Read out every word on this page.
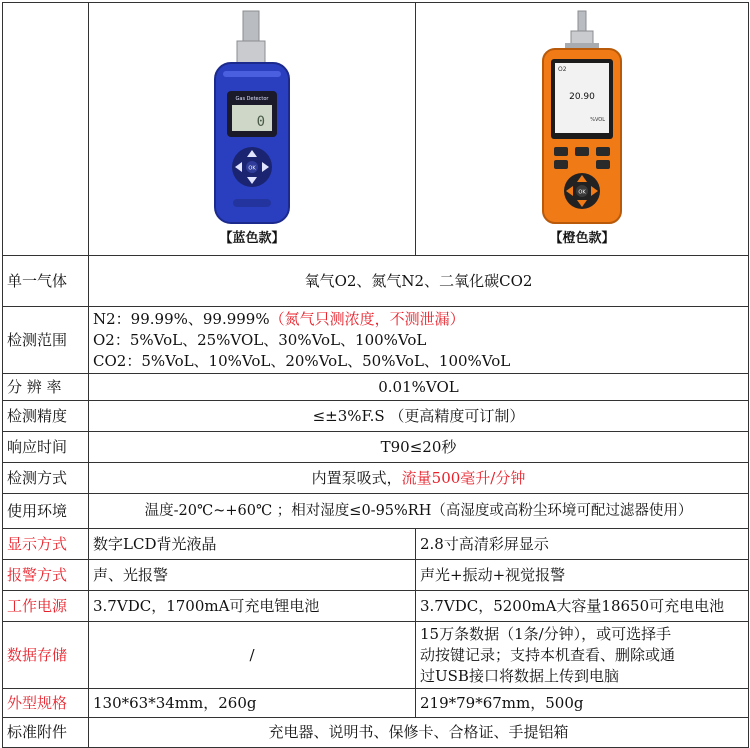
Gas Detector
0
OK
【蓝色款】	O2
20.90
%VOL
OK
【橙色款】

单一气体	氧气O2、氮气N2、二氧化碳CO2	
检测范围	N2：99.99%、99.999%（氮气只测浓度，不测泄漏）
O2：5%VoL、25%VOL、30%VoL、100%VoL
CO2：5%VoL、10%VoL、20%VoL、50%VoL、100%VoL	

分 辨 率	0.01%VOL	
检测精度	≤±3%F.S （更高精度可订制）	
响应时间	T90≤20秒	
检测方式	内置泵吸式，流量500毫升/分钟	
使用环境	温度-20℃~+60℃ ；相对湿度≤0-95%RH（高湿度或高粉尘环境可配过滤器使用）	
显示方式	数字LCD背光液晶	2.8寸高清彩屏显示
报警方式	声、光报警	声光+振动+视觉报警
工作电源	3.7VDC，1700mA可充电锂电池	3.7VDC，5200mA大容量18650可充电电池
数据存储	/	15万条数据（1条/分钟），或可选择手
动按键记录；支持本机查看、删除或通
过USB接口将数据上传到电脑

外型规格	130*63*34mm，260g	219*79*67mm，500g
标准附件	充电器、说明书、保修卡、合格证、手提铝箱	
